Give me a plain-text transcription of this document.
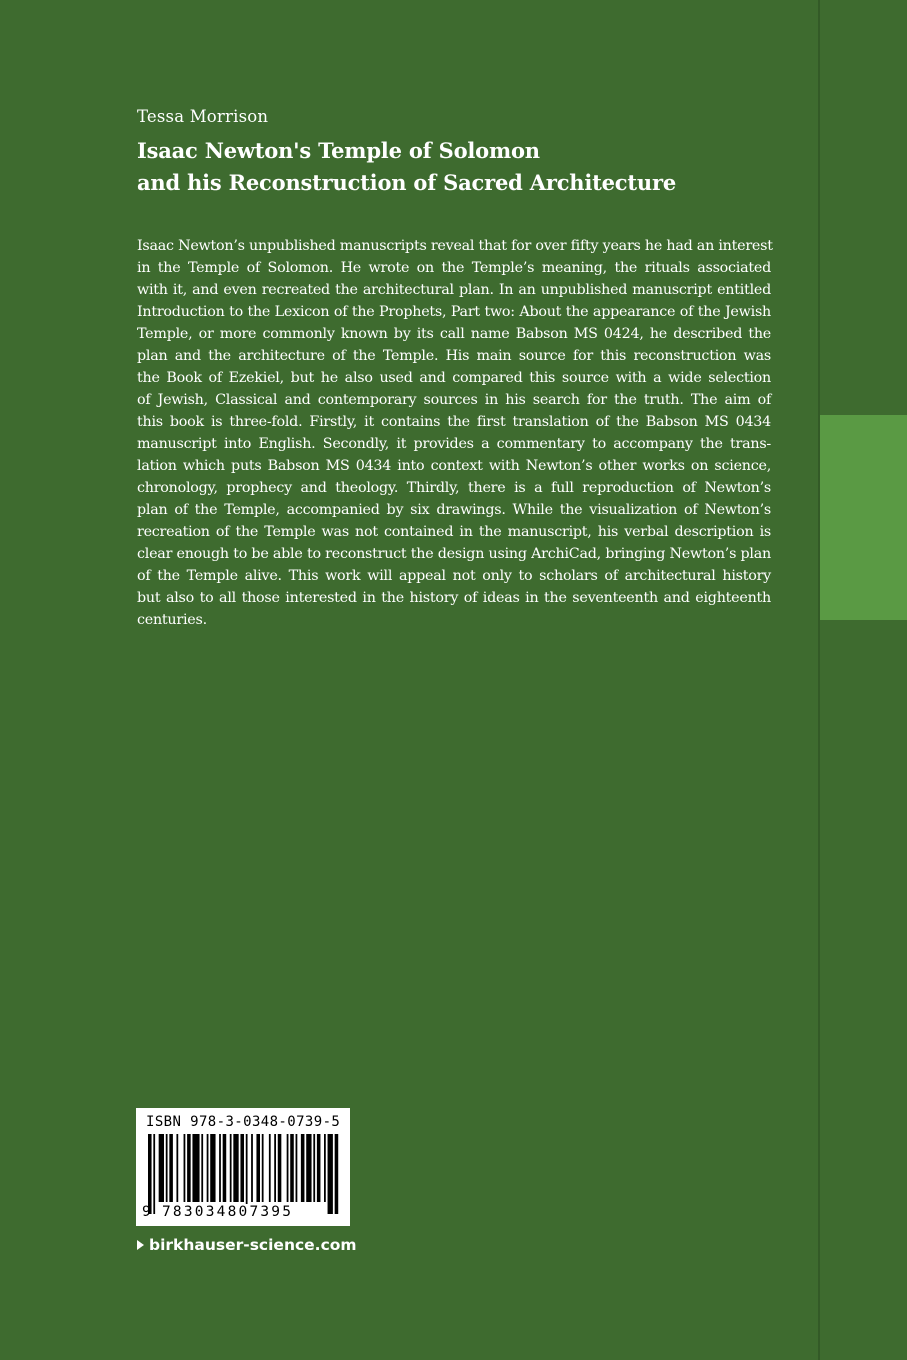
Tessa Morrison
Isaac Newton's Temple of Solomon
and his Reconstruction of Sacred Architecture
Isaac Newton’s unpublished manuscripts reveal that for over fifty years he had an interest
in the Temple of Solomon. He wrote on the Temple’s meaning, the rituals associated
with it, and even recreated the architectural plan. In an unpublished manuscript entitled
Introduction to the Lexicon of the Prophets, Part two: About the appearance of the Jewish
Temple, or more commonly known by its call name Babson MS 0424, he described the
plan and the architecture of the Temple. His main source for this reconstruction was
the Book of Ezekiel, but he also used and compared this source with a wide selection
of Jewish, Classical and contemporary sources in his search for the truth. The aim of
this book is three-fold. Firstly, it contains the first translation of the Babson MS 0434
manuscript into English. Secondly, it provides a commentary to accompany the trans-
lation which puts Babson MS 0434 into context with Newton’s other works on science,
chronology, prophecy and theology. Thirdly, there is a full reproduction of Newton’s
plan of the Temple, accompanied by six drawings. While the visualization of Newton’s
recreation of the Temple was not contained in the manuscript, his verbal description is
clear enough to be able to reconstruct the design using ArchiCad, bringing Newton’s plan
of the Temple alive. This work will appeal not only to scholars of architectural history
but also to all those interested in the history of ideas in the seventeenth and eighteenth
centuries.
ISBN 978-3-0348-0739-5
9 783034807395
birkhauser-science.com
